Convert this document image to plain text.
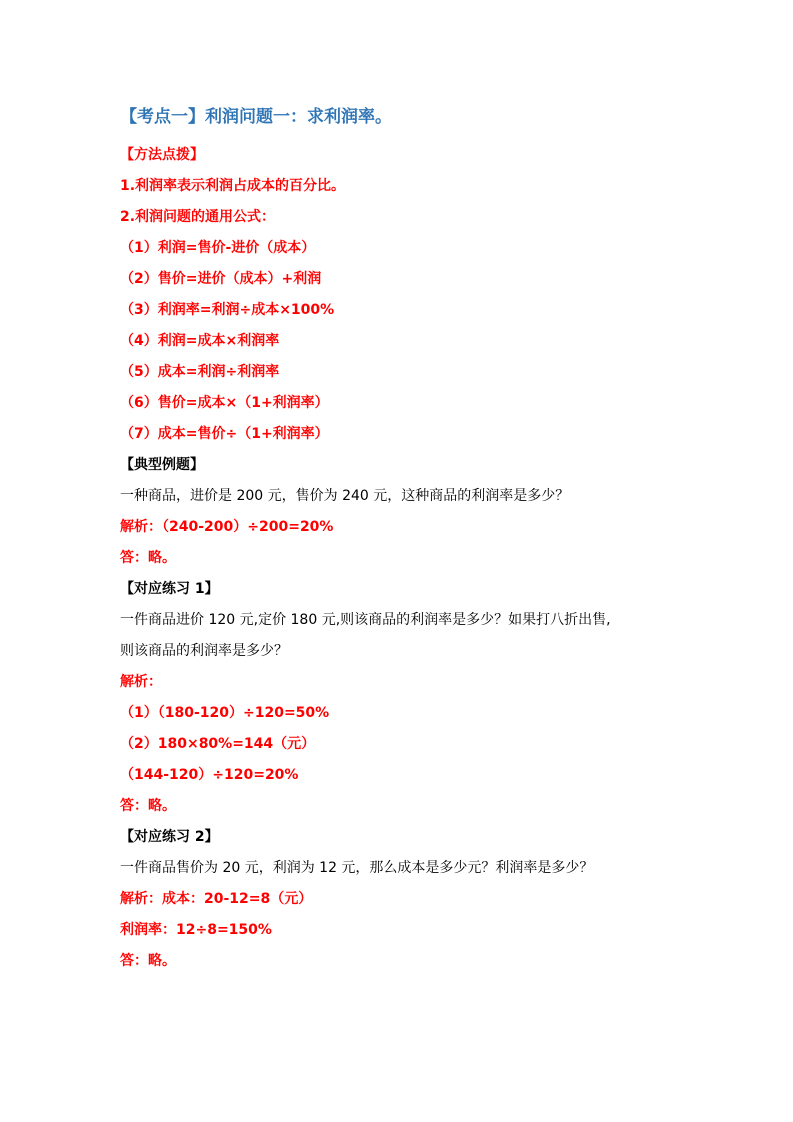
【考点一】利润问题一：求利润率。
【方法点拨】
1.利润率表示利润占成本的百分比。
2.利润问题的通用公式：
（1）利润=售价-进价（成本）
（2）售价=进价（成本）+利润
（3）利润率=利润÷成本×100%
（4）利润=成本×利润率
（5）成本=利润÷利润率
（6）售价=成本×（1+利润率）
（7）成本=售价÷（1+利润率）
【典型例题】
一种商品，进价是 200 元，售价为 240 元，这种商品的利润率是多少？
解析：（240-200）÷200=20%
答：略。
【对应练习 1】
一件商品进价 120 元,定价 180 元,则该商品的利润率是多少？如果打八折出售,
则该商品的利润率是多少？
解析：
（1）（180-120）÷120=50%
（2）180×80%=144（元）
（144-120）÷120=20%
答：略。
【对应练习 2】
一件商品售价为 20 元，利润为 12 元，那么成本是多少元？利润率是多少？
解析：成本：20-12=8（元）
利润率：12÷8=150%
答：略。
